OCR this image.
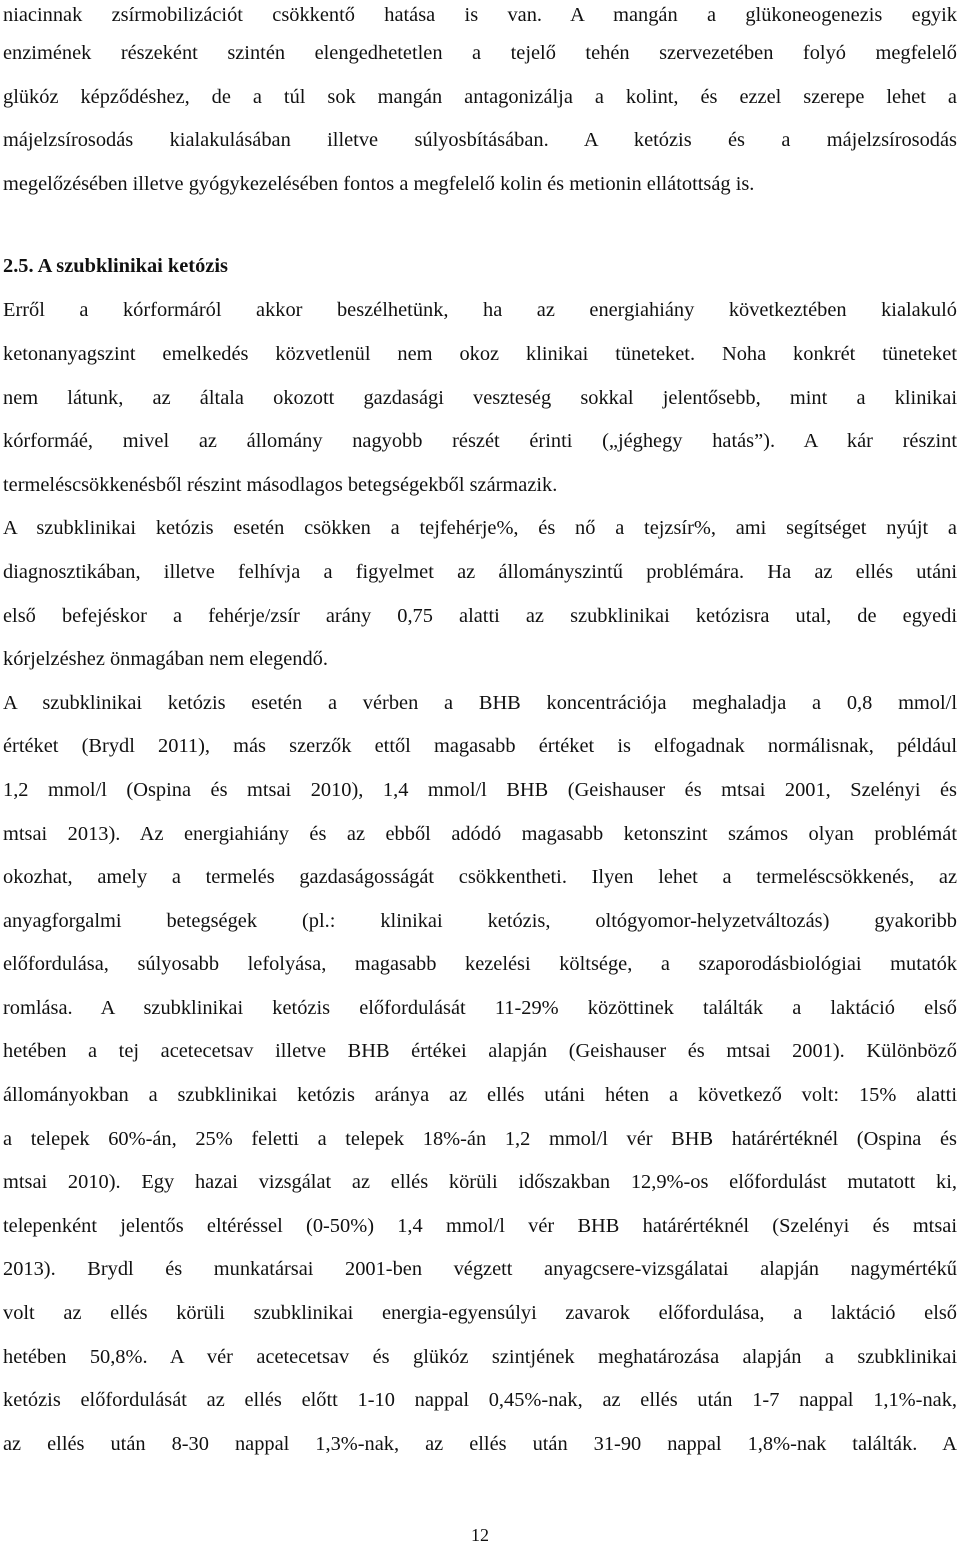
niacinnak zsírmobilizációt csökkentő hatása is van. A mangán a glükoneogenezis egyik
enzimének részeként szintén elengedhetetlen a tejelő tehén szervezetében folyó megfelelő
glükóz képződéshez, de a túl sok mangán antagonizálja a kolint, és ezzel szerepe lehet a
májelzsírosodás kialakulásában illetve súlyosbításában. A ketózis és a májelzsírosodás
megelőzésében illetve gyógykezelésében fontos a megfelelő kolin és metionin ellátottság is.
2.5. A szubklinikai ketózis
Erről a kórformáról akkor beszélhetünk, ha az energiahiány következtében kialakuló
ketonanyagszint emelkedés közvetlenül nem okoz klinikai tüneteket. Noha konkrét tüneteket
nem látunk, az általa okozott gazdasági veszteség sokkal jelentősebb, mint a klinikai
kórformáé, mivel az állomány nagyobb részét érinti („jéghegy hatás”). A kár részint
termeléscsökkenésből részint másodlagos betegségekből származik.
A szubklinikai ketózis esetén csökken a tejfehérje%, és nő a tejzsír%, ami segítséget nyújt a
diagnosztikában, illetve felhívja a figyelmet az állományszintű problémára. Ha az ellés utáni
első befejéskor a fehérje/zsír arány 0,75 alatti az szubklinikai ketózisra utal, de egyedi
kórjelzéshez önmagában nem elegendő.
A szubklinikai ketózis esetén a vérben a BHB koncentrációja meghaladja a 0,8 mmol/l
értéket (Brydl 2011), más szerzők ettől magasabb értéket is elfogadnak normálisnak, például
1,2 mmol/l (Ospina és mtsai 2010), 1,4 mmol/l BHB (Geishauser és mtsai 2001, Szelényi és
mtsai 2013). Az energiahiány és az ebből adódó magasabb ketonszint számos olyan problémát
okozhat, amely a termelés gazdaságosságát csökkentheti. Ilyen lehet a termeléscsökkenés, az
anyagforgalmi betegségek (pl.: klinikai ketózis, oltógyomor-helyzetváltozás) gyakoribb
előfordulása, súlyosabb lefolyása, magasabb kezelési költsége, a szaporodásbiológiai mutatók
romlása. A szubklinikai ketózis előfordulását 11-29% közöttinek találták a laktáció első
hetében a tej acetecetsav illetve BHB értékei alapján (Geishauser és mtsai 2001). Különböző
állományokban a szubklinikai ketózis aránya az ellés utáni héten a következő volt: 15% alatti
a telepek 60%-án, 25% feletti a telepek 18%-án 1,2 mmol/l vér BHB határértéknél (Ospina és
mtsai 2010). Egy hazai vizsgálat az ellés körüli időszakban 12,9%-os előfordulást mutatott ki,
telepenként jelentős eltéréssel (0-50%) 1,4 mmol/l vér BHB határértéknél (Szelényi és mtsai
2013). Brydl és munkatársai 2001-ben végzett anyagcsere-vizsgálatai alapján nagymértékű
volt az ellés körüli szubklinikai energia-egyensúlyi zavarok előfordulása, a laktáció első
hetében 50,8%. A vér acetecetsav és glükóz szintjének meghatározása alapján a szubklinikai
ketózis előfordulását az ellés előtt 1-10 nappal 0,45%-nak, az ellés után 1-7 nappal 1,1%-nak,
az ellés után 8-30 nappal 1,3%-nak, az ellés után 31-90 nappal 1,8%-nak találták. A
12
